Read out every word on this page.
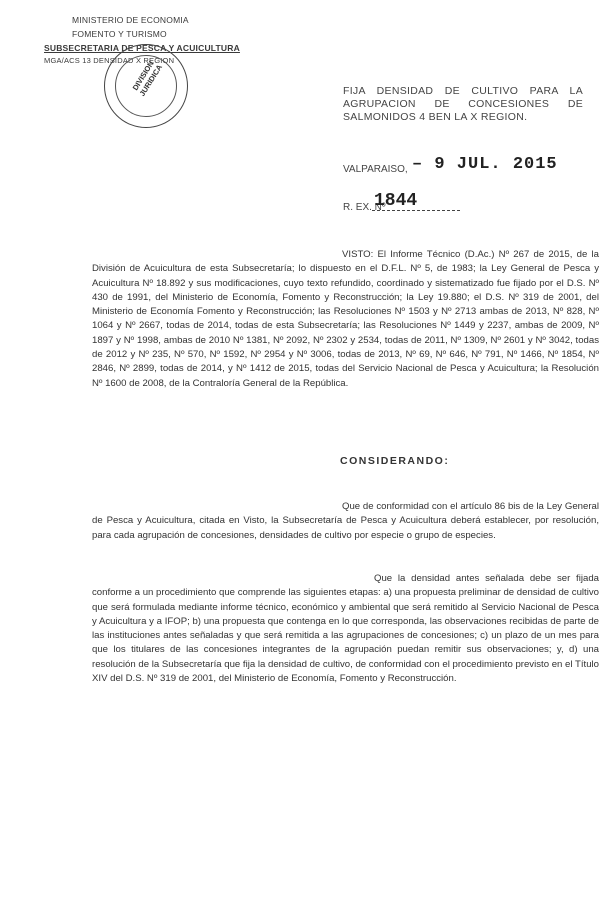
MINISTERIO DE ECONOMIA
FOMENTO Y TURISMO
SUBSECRETARIA DE PESCA Y ACUICULTURA
MGA/ACS 13 DENSIDAD X REGION
DIVISION JURIDICA	FIJA DENSIDAD DE CULTIVO PARA LA AGRUPACION DE CONCESIONES DE SALMONIDOS 4 BEN LA X REGION.
VALPARAISO, – 9 JUL. 2015
R. EX. Nº
1844
VISTO: El Informe Técnico (D.Ac.) Nº 267 de 2015, de la División de Acuicultura de esta Subsecretaría; lo dispuesto en el D.F.L. Nº 5, de 1983; la Ley General de Pesca y Acuicultura Nº 18.892 y sus modificaciones, cuyo texto refundido, coordinado y sistematizado fue fijado por el D.S. Nº 430 de 1991, del Ministerio de Economía, Fomento y Reconstrucción; la Ley 19.880; el D.S. Nº 319 de 2001, del Ministerio de Economía Fomento y Reconstrucción; las Resoluciones Nº 1503 y Nº 2713 ambas de 2013, Nº 828, Nº 1064 y Nº 2667, todas de 2014, todas de esta Subsecretaría; las Resoluciones Nº 1449 y 2237, ambas de 2009, Nº 1897 y Nº 1998, ambas de 2010 Nº 1381, Nº 2092, Nº 2302 y 2534, todas de 2011, Nº 1309, Nº 2601 y Nº 3042, todas de 2012 y Nº 235, Nº 570, Nº 1592, Nº 2954 y Nº 3006, todas de 2013, Nº 69, Nº 646, Nº 791, Nº 1466, Nº 1854, Nº 2846, Nº 2899, todas de 2014, y Nº 1412 de 2015, todas del Servicio Nacional de Pesca y Acuicultura; la Resolución Nº 1600 de 2008, de la Contraloría General de la República.
CONSIDERANDO:
Que de conformidad con el artículo 86 bis de la Ley General de Pesca y Acuicultura, citada en Visto, la Subsecretaría de Pesca y Acuicultura deberá establecer, por resolución, para cada agrupación de concesiones, densidades de cultivo por especie o grupo de especies.
Que la densidad antes señalada debe ser fijada conforme a un procedimiento que comprende las siguientes etapas: a) una propuesta preliminar de densidad de cultivo que será formulada mediante informe técnico, económico y ambiental que será remitido al Servicio Nacional de Pesca y Acuicultura y a IFOP; b) una propuesta que contenga en lo que corresponda, las observaciones recibidas de parte de las instituciones antes señaladas y que será remitida a las agrupaciones de concesiones; c) un plazo de un mes para que los titulares de las concesiones integrantes de la agrupación puedan remitir sus observaciones; y, d) una resolución de la Subsecretaría que fija la densidad de cultivo, de conformidad con el procedimiento previsto en el Título XIV del D.S. Nº 319 de 2001, del Ministerio de Economía, Fomento y Reconstrucción.
